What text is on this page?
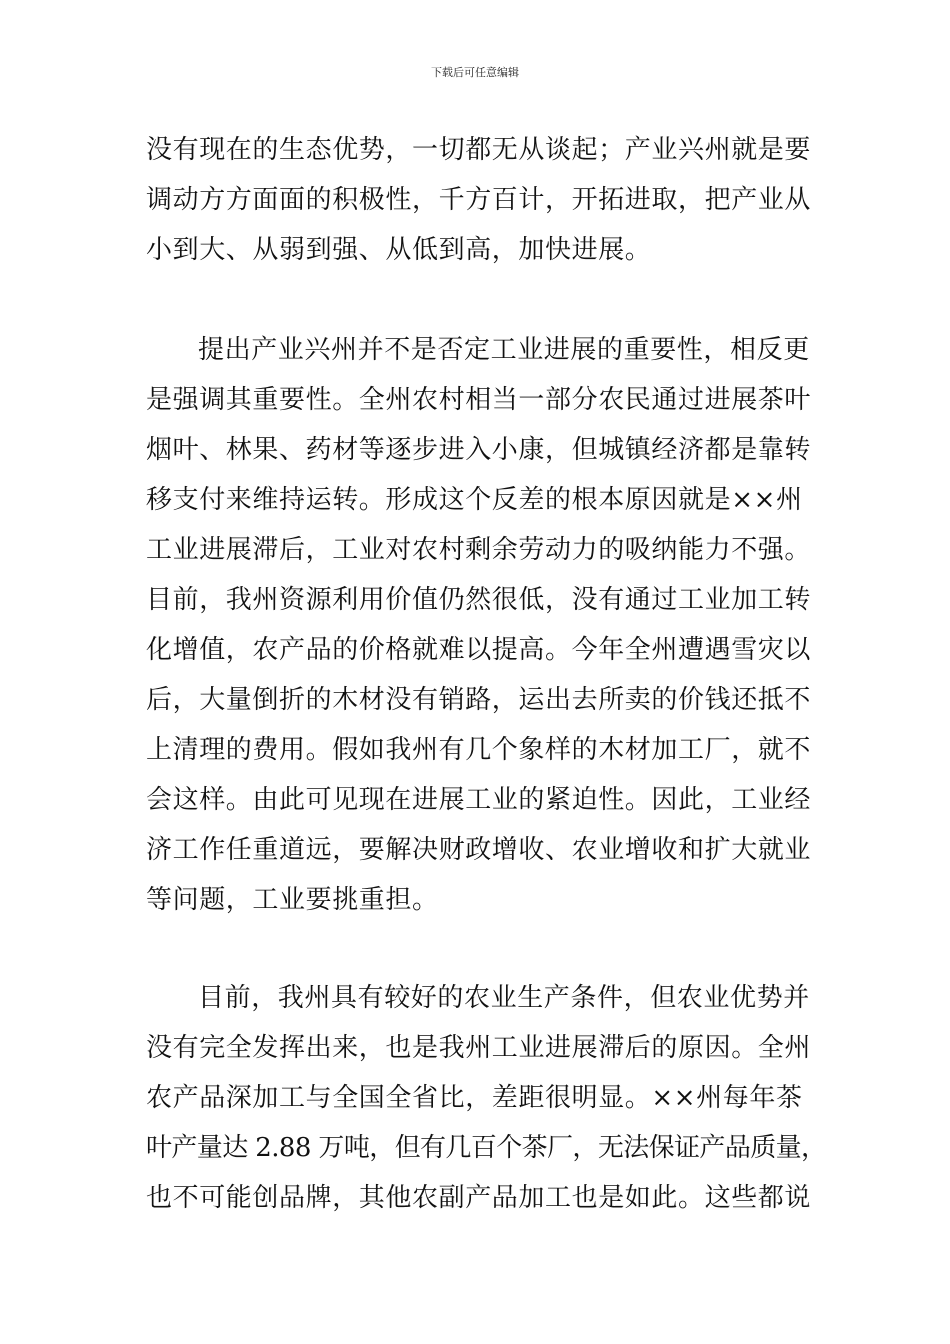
下载后可任意编辑
没有现在的生态优势，一切都无从谈起；产业兴州就是要
调动方方面面的积极性，千方百计，开拓进取，把产业从
小到大、从弱到强、从低到高，加快进展。
提出产业兴州并不是否定工业进展的重要性，相反更
是强调其重要性。全州农村相当一部分农民通过进展茶叶
烟叶、林果、药材等逐步进入小康，但城镇经济都是靠转
移支付来维持运转。形成这个反差的根本原因就是××州
工业进展滞后，工业对农村剩余劳动力的吸纳能力不强。
目前，我州资源利用价值仍然很低，没有通过工业加工转
化增值，农产品的价格就难以提高。今年全州遭遇雪灾以
后，大量倒折的木材没有销路，运出去所卖的价钱还抵不
上清理的费用。假如我州有几个象样的木材加工厂，就不
会这样。由此可见现在进展工业的紧迫性。因此，工业经
济工作任重道远，要解决财政增收、农业增收和扩大就业
等问题，工业要挑重担。
目前，我州具有较好的农业生产条件，但农业优势并
没有完全发挥出来，也是我州工业进展滞后的原因。全州
农产品深加工与全国全省比，差距很明显。××州每年茶
叶产量达 2.88 万吨，但有几百个茶厂，无法保证产品质量，
也不可能创品牌，其他农副产品加工也是如此。这些都说
